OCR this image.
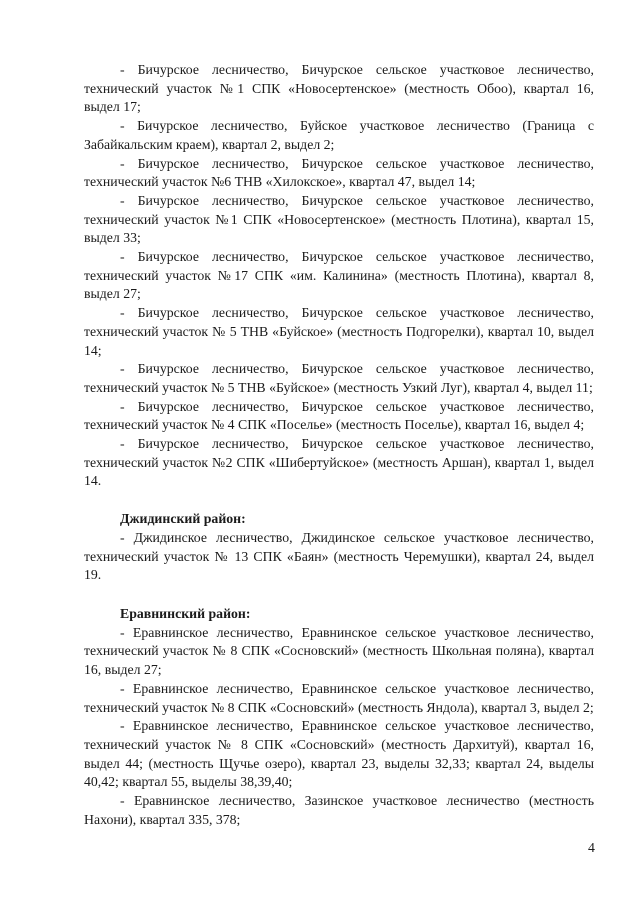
- Бичурское лесничество, Бичурское сельское участковое лесничество, технический участок №1 СПК «Новосертенское» (местность Обоо), квартал 16, выдел 17;

- Бичурское лесничество, Буйское участковое лесничество (Граница с Забайкальским краем), квартал 2, выдел 2;

- Бичурское лесничество, Бичурское сельское участковое лесничество, технический участок №6 ТНВ «Хилокское», квартал 47, выдел 14;

- Бичурское лесничество, Бичурское сельское участковое лесничество, технический участок №1 СПК «Новосертенское» (местность Плотина), квартал 15, выдел 33;

- Бичурское лесничество, Бичурское сельское участковое лесничество, технический участок №17 СПК «им. Калинина» (местность Плотина), квартал 8, выдел 27;

- Бичурское лесничество, Бичурское сельское участковое лесничество, технический участок № 5 ТНВ «Буйское» (местность Подгорелки), квартал 10, выдел 14;

- Бичурское лесничество, Бичурское сельское участковое лесничество, технический участок № 5 ТНВ «Буйское» (местность Узкий Луг), квартал 4, выдел 11;

- Бичурское лесничество, Бичурское сельское участковое лесничество, технический участок № 4 СПК «Поселье» (местность Поселье), квартал 16, выдел 4;

- Бичурское лесничество, Бичурское сельское участковое лесничество, технический участок №2 СПК «Шибертуйское» (местность Аршан), квартал 1, выдел 14.

Джидинский район:

- Джидинское лесничество, Джидинское сельское участковое лесничество, технический участок № 13 СПК «Баян» (местность Черемушки), квартал 24, выдел 19.

Еравнинский район:

- Еравнинское лесничество, Еравнинское сельское участковое лесничество, технический участок № 8 СПК «Сосновский» (местность Школьная поляна), квартал 16, выдел 27;

- Еравнинское лесничество, Еравнинское сельское участковое лесничество, технический участок № 8 СПК «Сосновский» (местность Яндола), квартал 3, выдел 2;

- Еравнинское лесничество, Еравнинское сельское участковое лесничество, технический участок № 8 СПК «Сосновский» (местность Дархитуй), квартал 16, выдел 44; (местность Щучье озеро), квартал 23, выделы 32,33; квартал 24, выделы 40,42; квартал 55, выделы 38,39,40;

- Еравнинское лесничество, Зазинское участковое лесничество (местность Нахони), квартал 335, 378;

4
